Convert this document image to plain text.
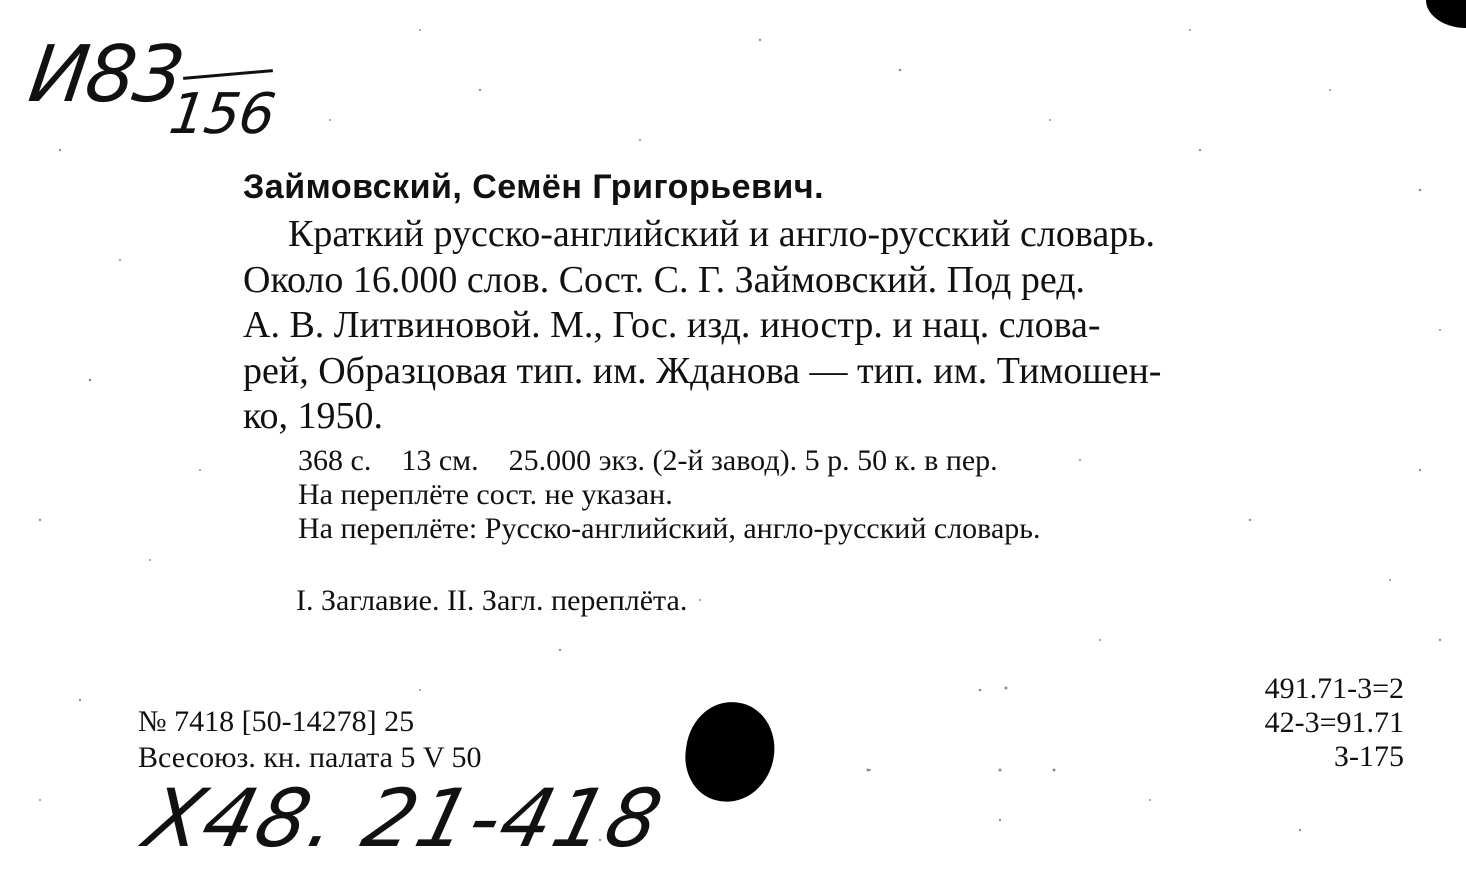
И83
156
Займовский, Семён Григорьевич.

Краткий русско-английский и англо-русский словарь.

Около 16.000 слов. Сост. С. Г. Займовский. Под ред.

А. В. Литвиновой. М., Гос. изд. иностр. и нац. слова-

рей, Образцовая тип. им. Жданова — тип. им. Тимошен-

ко, 1950.

368 с.    13 см.    25.000 экз. (2-й завод). 5 р. 50 к. в пер.

На переплёте сост. не указан.

На переплёте: Русско-английский, англо-русский словарь.

I. Заглавие. II. Загл. переплёта.

№ 7418 [50-14278] 25

Всесоюз. кн. палата 5 V 50

491.71-3=2

42-3=91.71

З-175

Х48. 21-418
